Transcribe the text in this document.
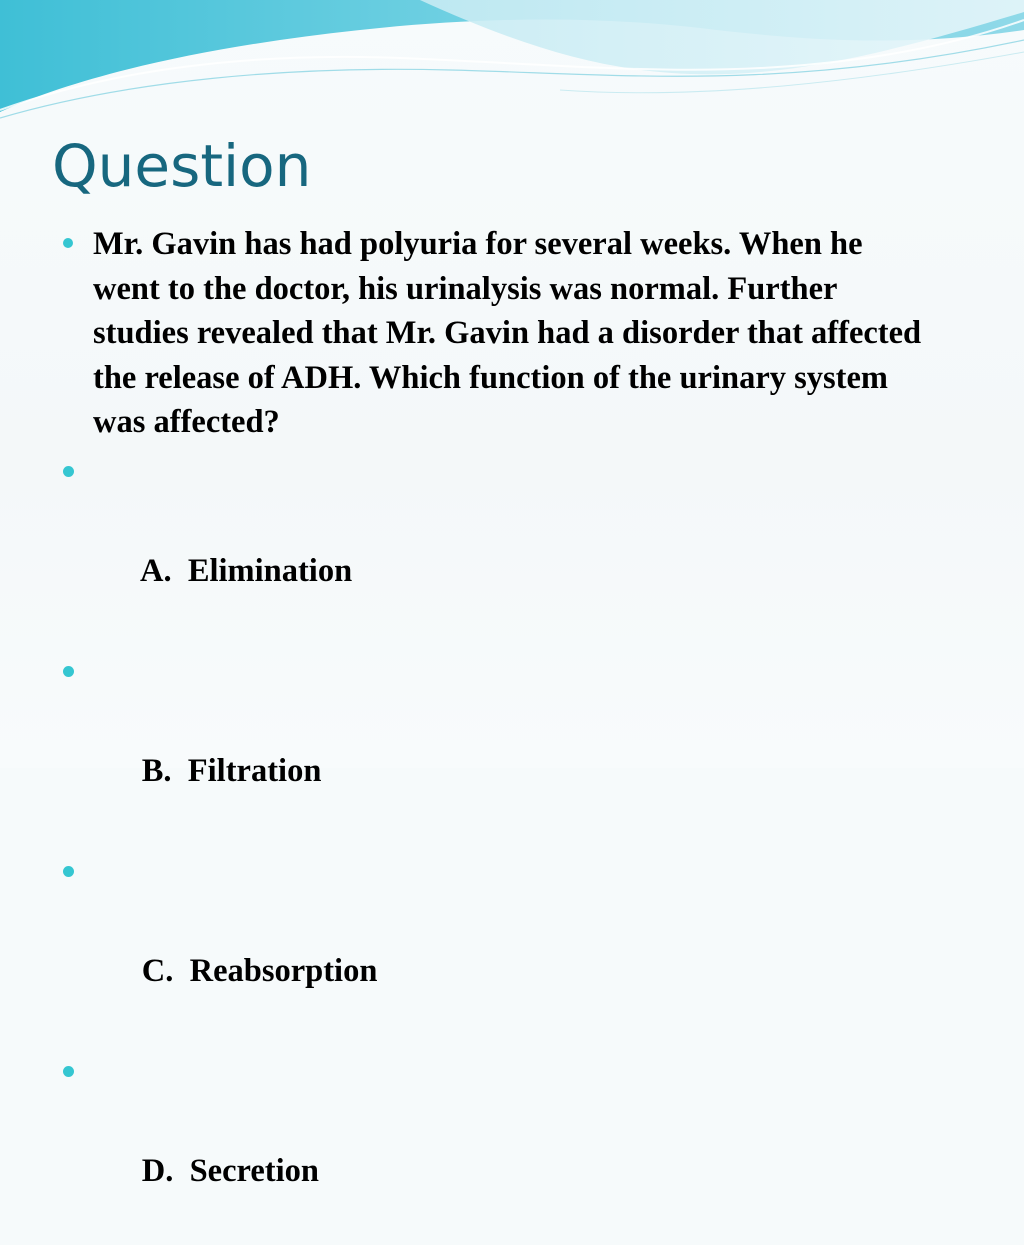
Question
Mr. Gavin has had polyuria for several weeks. When he went to the doctor, his urinalysis was normal. Further studies revealed that Mr. Gavin had a disorder that affected the release of ADH. Which function of the urinary system was affected?

A.  Elimination

B.  Filtration

C.  Reabsorption

D.  Secretion
